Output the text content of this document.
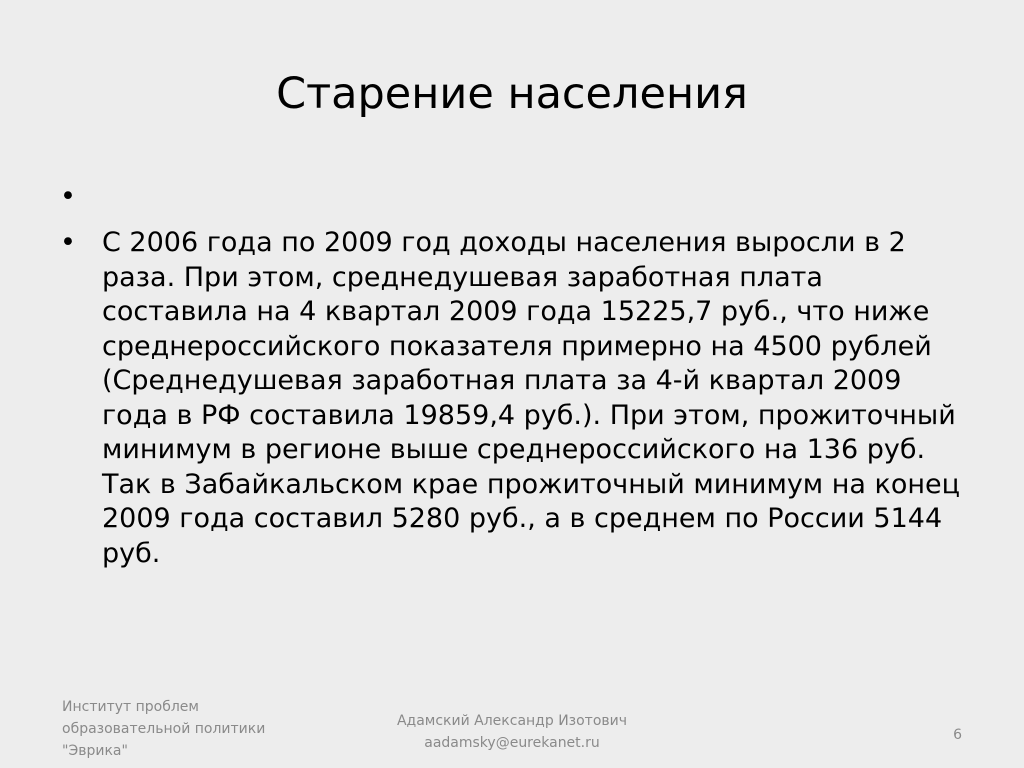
Старение населения
•
• С 2006 года по 2009 год доходы населения выросли в 2 раза. При этом, среднедушевая заработная плата составила на 4 квартал 2009 года 15225,7 руб., что ниже среднероссийского показателя примерно на 4500 рублей (Среднедушевая заработная плата за 4-й квартал 2009 года в РФ составила 19859,4 руб.). При этом, прожиточный минимум в регионе выше среднероссийского на 136 руб. Так в Забайкальском крае прожиточный минимум на конец 2009 года составил 5280 руб., а в среднем по России 5144 руб.
Институт проблем
образовательной политики
"Эврика"
Адамский Александр Изотович
aadamsky@eurekanet.ru	6
